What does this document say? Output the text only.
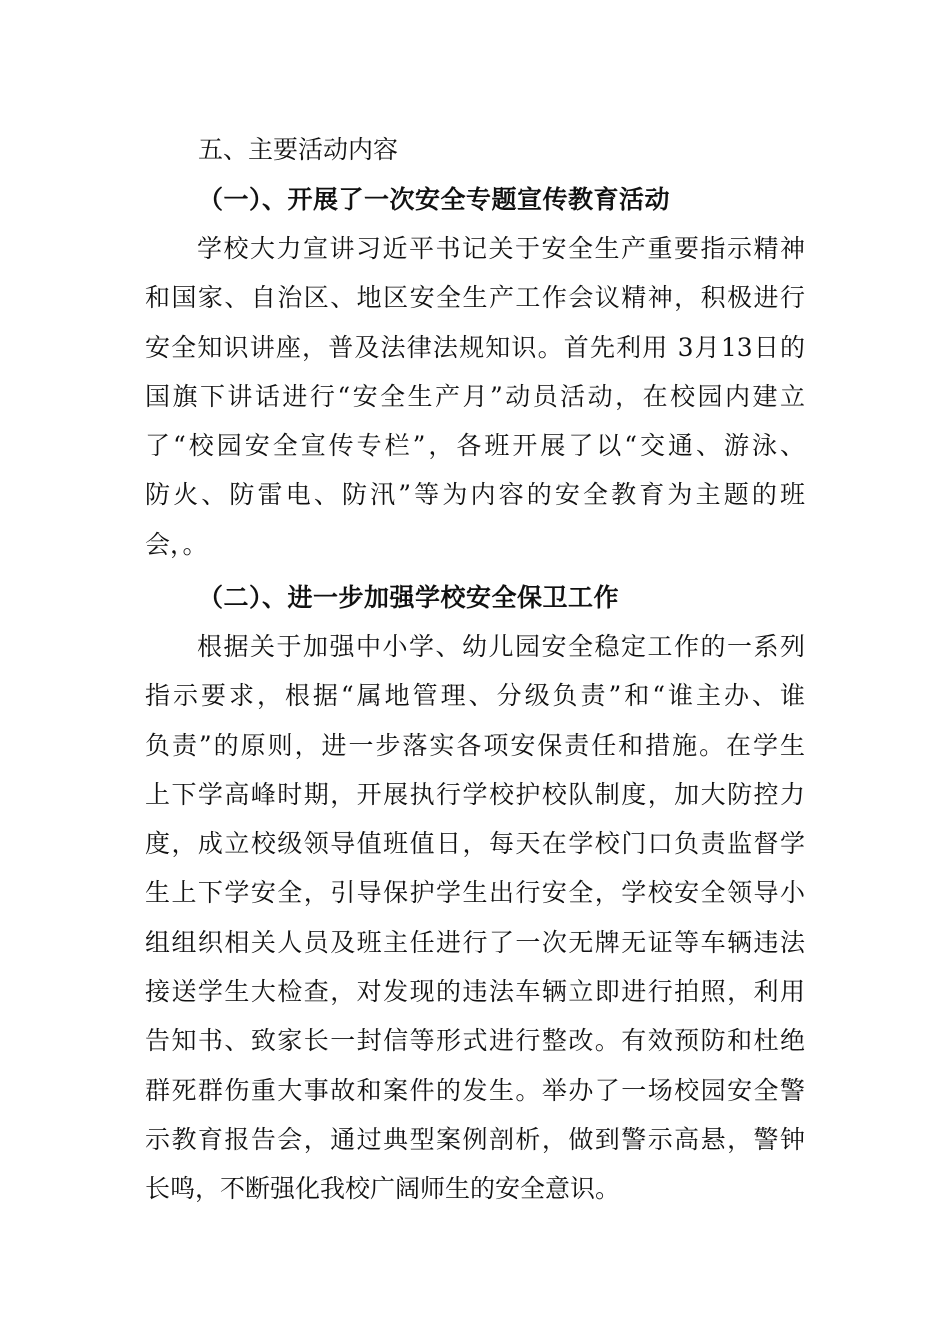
五、主要活动内容
（一）、开展了一次安全专题宣传教育活动

学校大力宣讲习近平书记关于安全生产重要指示精神
和国家、自治区、地区安全生产工作会议精神，积极进行
安全知识讲座，普及法律法规知识。首先利用 3月13日的
国旗下讲话进行“安全生产月”动员活动，在校园内建立
了“校园安全宣传专栏”，各班开展了以“交通、游泳、
防火、防雷电、防汛”等为内容的安全教育为主题的班
会，。

（二）、进一步加强学校安全保卫工作

根据关于加强中小学、幼儿园安全稳定工作的一系列
指示要求，根据“属地管理、分级负责”和“谁主办、谁
负责”的原则，进一步落实各项安保责任和措施。在学生
上下学高峰时期，开展执行学校护校队制度，加大防控力
度，成立校级领导值班值日，每天在学校门口负责监督学
生上下学安全，引导保护学生出行安全，学校安全领导小
组组织相关人员及班主任进行了一次无牌无证等车辆违法
接送学生大检查，对发现的违法车辆立即进行拍照，利用
告知书、致家长一封信等形式进行整改。有效预防和杜绝
群死群伤重大事故和案件的发生。举办了一场校园安全警
示教育报告会，通过典型案例剖析，做到警示高悬，警钟
长鸣，不断强化我校广阔师生的安全意识。
